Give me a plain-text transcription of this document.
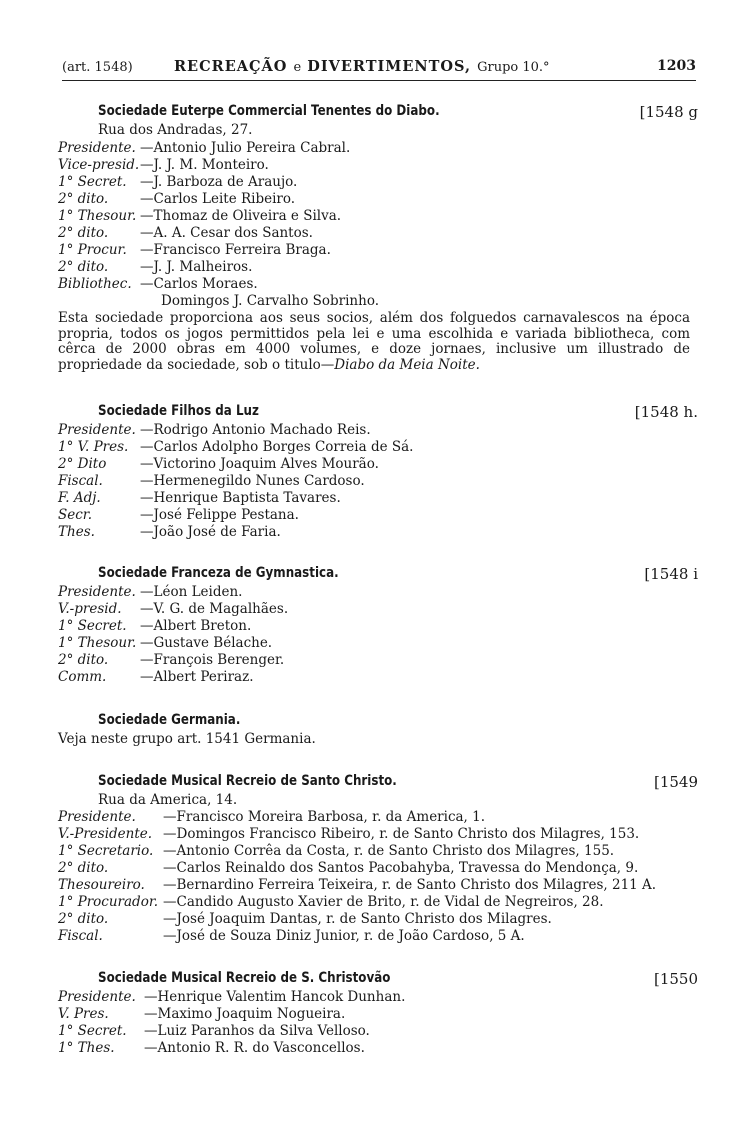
(art. 1548)	RECREAÇÃO e DIVERTIMENTOS, Grupo 10.°	1203
Sociedade Euterpe Commercial Tenentes do Diabo.	[1548 g
Rua dos Andradas, 27.
Presidente. —Antonio Julio Pereira Cabral.
Vice-presid. —J. J. M. Monteiro.
1° Secret. —J. Barboza de Araujo.
2° dito. —Carlos Leite Ribeiro.
1° Thesour. —Thomaz de Oliveira e Silva.
2° dito. —A. A. Cesar dos Santos.
1° Procur. —Francisco Ferreira Braga.
2° dito. —J. J. Malheiros.
Bibliothec. —Carlos Moraes.
Domingos J. Carvalho Sobrinho.
Esta sociedade proporciona aos seus socios, além dos folguedos carnavalescos na época propria, todos os jogos permittidos pela lei e uma escolhida e variada bibliotheca, com cêrca de 2000 obras em 4000 volumes, e doze jornaes, inclusive um illustrado de propriedade da sociedade, sob o titulo—Diabo da Meia Noite.
Sociedade Filhos da Luz	[1548 h.
Presidente. —Rodrigo Antonio Machado Reis.
1° V. Pres. —Carlos Adolpho Borges Correia de Sá.
2° Dito —Victorino Joaquim Alves Mourão.
Fiscal.	—Hermenegildo Nunes Cardoso.
F. Adj.	—Henrique Baptista Tavares.
Secr.	—José Felippe Pestana.
Thes.	—João José de Faria.
Sociedade Franceza de Gymnastica.	[1548 i
Presidente. —Léon Leiden.
V.-presid. —V. G. de Magalhães.
1° Secret. —Albert Breton.
1° Thesour. —Gustave Bélache.
2° dito. —François Berenger.
Comm. —Albert Periraz.
Sociedade Germania.
Veja neste grupo art. 1541 Germania.
Sociedade Musical Recreio de Santo Christo.	[1549
Rua da America, 14.
Presidente. —Francisco Moreira Barbosa, r. da America, 1.
V.-Presidente. —Domingos Francisco Ribeiro, r. de Santo Christo dos Milagres, 153.
1° Secretario. —Antonio Corrêa da Costa, r. de Santo Christo dos Milagres, 155.
2° dito.	—Carlos Reinaldo dos Santos Pacobahyba, Travessa do Mendonça, 9.
Thesoureiro. —Bernardino Ferreira Teixeira, r. de Santo Christo dos Milagres, 211 A.
1° Procurador. —Candido Augusto Xavier de Brito, r. de Vidal de Negreiros, 28.
2° dito.	—José Joaquim Dantas, r. de Santo Christo dos Milagres.
Fiscal.	—José de Souza Diniz Junior, r. de João Cardoso, 5 A.
Sociedade Musical Recreio de S. Christovão	[1550
Presidente. —Henrique Valentim Hancok Dunhan.
V. Pres.	—Maximo Joaquim Nogueira.
1° Secret. —Luiz Paranhos da Silva Velloso.
1° Thes. —Antonio R. R. do Vasconcellos.
